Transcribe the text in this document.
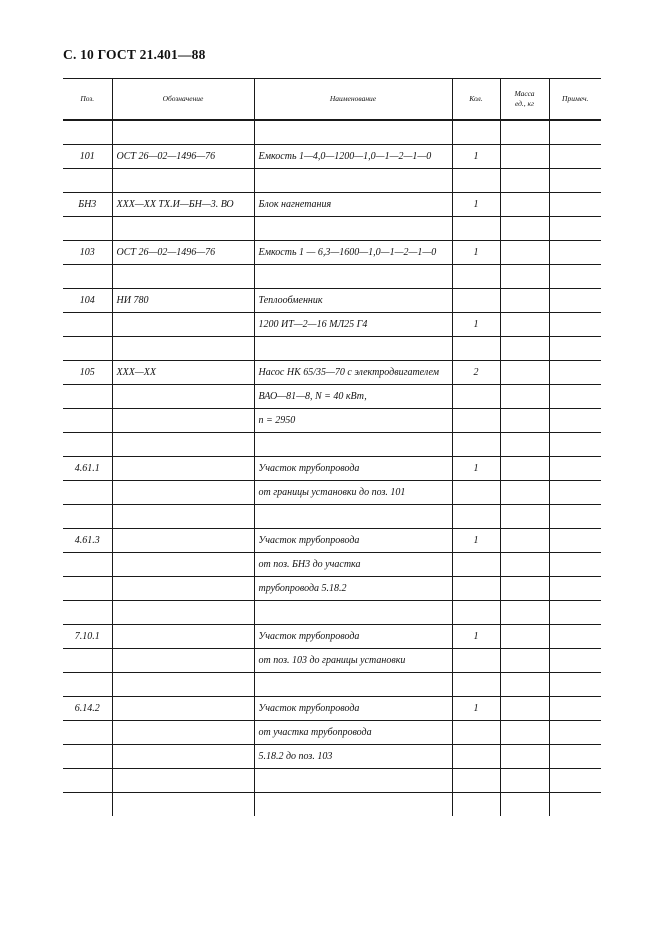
С. 10 ГОСТ 21.401—88
Поз.	Обозначение	Наименование	Кол.	Масса
ед., кг	Примеч.

101	ОСТ 26—02—1496—76	Емкость 1—4,0—1200—1,0—1—2—1—0	1		

БН3	ХХХ—ХХ ТХ.И—БН—3. ВО	Блок нагнетания	1		

103	ОСТ 26—02—1496—76	Емкость 1 — 6,3—1600—1,0—1—2—1—0	1		

104	НИ 780	Теплообменник			
		1200 ИТ—2—16 МЛ25 Г4	1		

105	ХХХ—ХХ	Насос НК 65/35—70 с электродвигателем	2		
		ВАО—81—8, N = 40 кВт,			
		n = 2950			

4.61.1		Участок трубопровода	1		
		от границы установки до поз. 101			

4.61.3		Участок трубопровода	1		
		от поз. БН3 до участка			
		трубопровода 5.18.2			

7.10.1		Участок трубопровода	1		
		от поз. 103 до границы установки			

6.14.2		Участок трубопровода	1		
		от участка трубопровода			
		5.18.2 до поз. 103			
